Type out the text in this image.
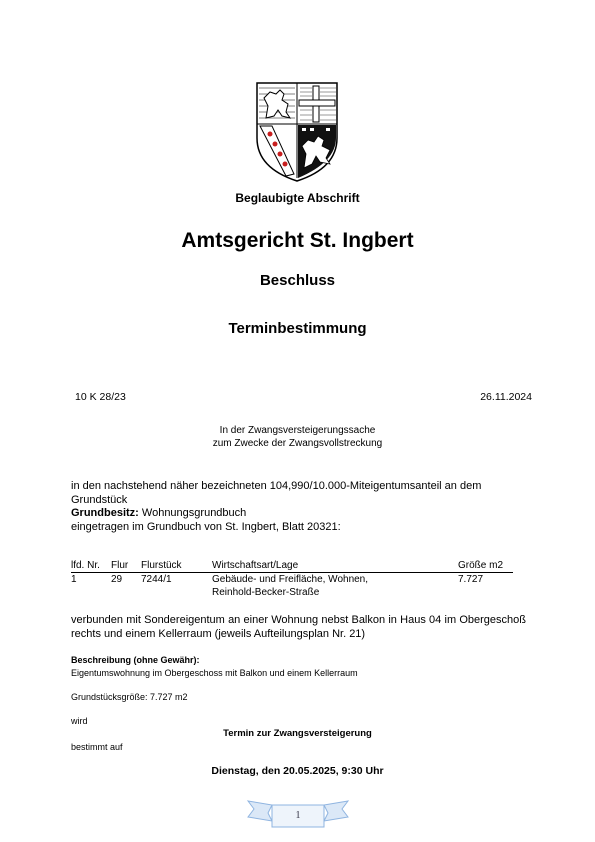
Beglaubigte Abschrift
Amtsgericht St. Ingbert
Beschluss
Terminbestimmung
10 K 28/23	26.11.2024
In der Zwangsversteigerungssache
zum Zwecke der Zwangsvollstreckung
in den nachstehend näher bezeichneten 104,990/10.000-Miteigentumsanteil an dem Grundstück
Grundbesitz: Wohnungsgrundbuch
eingetragen im Grundbuch von St. Ingbert, Blatt 20321:
lfd. Nr.	Flur	Flurstück	Wirtschaftsart/Lage	Größe m2
1	29	7244/1	Gebäude- und Freifläche, Wohnen,
Reinhold-Becker-Straße	7.727
verbunden mit Sondereigentum an einer Wohnung nebst Balkon in Haus 04 im Obergeschoß rechts und einem Kellerraum (jeweils Aufteilungsplan Nr. 21)
Beschreibung (ohne Gewähr):
Eigentumswohnung im Obergeschoss mit Balkon und einem Kellerraum
Grundstücksgröße: 7.727 m2
wird
Termin zur Zwangsversteigerung
bestimmt auf
Dienstag, den 20.05.2025, 9:30 Uhr
1
